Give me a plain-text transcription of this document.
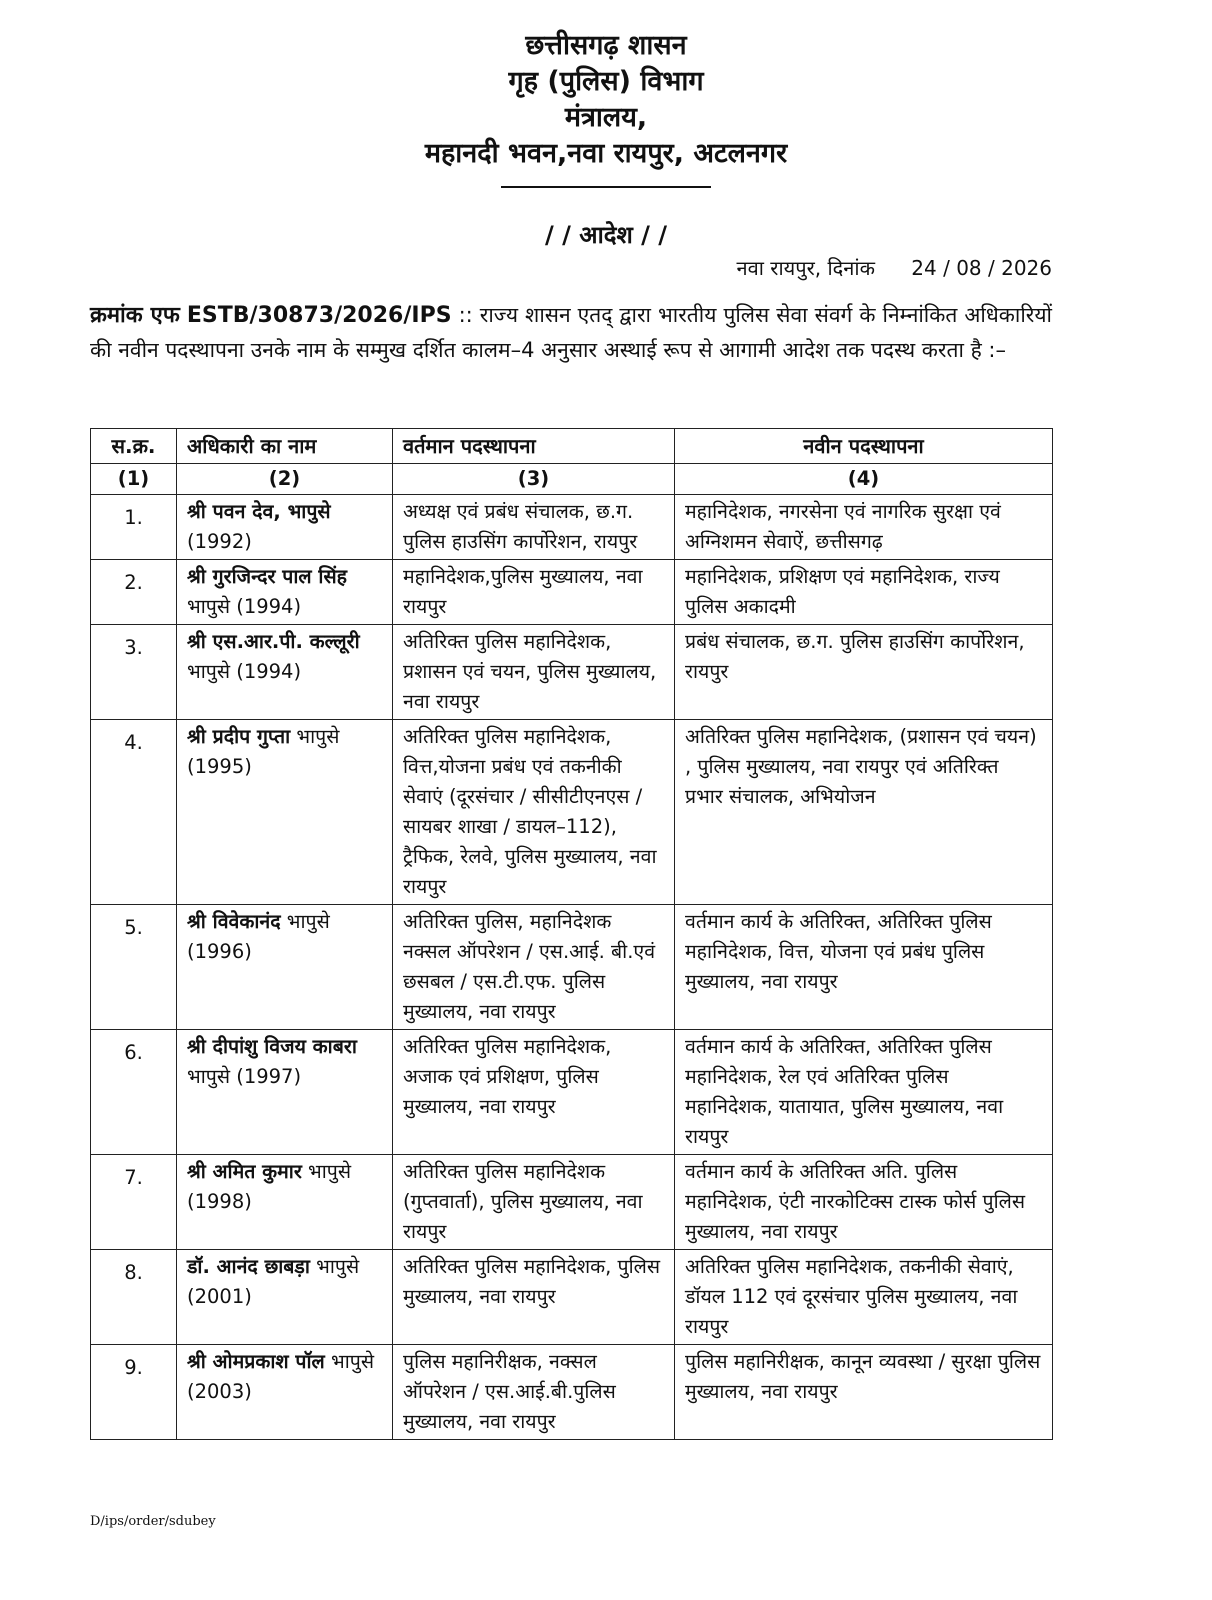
छत्तीसगढ़ शासन
गृह (पुलिस) विभाग
मंत्रालय,
महानदी भवन,नवा रायपुर, अटलनगर
/ / आदेश / /
नवा रायपुर, दिनांक 24 / 08 / 2026
क्रमांक एफ ESTB/30873/2026/IPS :: राज्य शासन एतद् द्वारा भारतीय पुलिस सेवा संवर्ग के निम्नांकित अधिकारियों की नवीन पदस्थापना उनके नाम के सम्मुख दर्शित कालम–4 अनुसार अस्थाई रूप से आगामी आदेश तक पदस्थ करता है :–
स.क्र.	अधिकारी का नाम	वर्तमान पदस्थापना	नवीन पदस्थापना
(1)	(2)	(3)	(4)
1.	श्री पवन देव, भापुसे (1992)	अध्यक्ष एवं प्रबंध संचालक, छ.ग. पुलिस हाउसिंग कार्पोरेशन, रायपुर	महानिदेशक, नगरसेना एवं नागरिक सुरक्षा एवं अग्निशमन सेवाऐं, छत्तीसगढ़
2.	श्री गुरजिन्दर पाल सिंह भापुसे (1994)	महानिदेशक,पुलिस मुख्यालय, नवा रायपुर	महानिदेशक, प्रशिक्षण एवं महानिदेशक, राज्य पुलिस अकादमी
3.	श्री एस.आर.पी. कल्लूरी भापुसे (1994)	अतिरिक्त पुलिस महानिदेशक, प्रशासन एवं चयन, पुलिस मुख्यालय, नवा रायपुर	प्रबंध संचालक, छ.ग. पुलिस हाउसिंग कार्पोरेशन, रायपुर
4.	श्री प्रदीप गुप्ता भापुसे (1995)	अतिरिक्त पुलिस महानिदेशक, वित्त,योजना प्रबंध एवं तकनीकी सेवाएं (दूरसंचार / सीसीटीएनएस / सायबर शाखा / डायल–112), ट्रैफिक, रेलवे, पुलिस मुख्यालय, नवा रायपुर	अतिरिक्त पुलिस महानिदेशक, (प्रशासन एवं चयन) , पुलिस मुख्यालय, नवा रायपुर एवं अतिरिक्त प्रभार संचालक, अभियोजन
5.	श्री विवेकानंद भापुसे (1996)	अतिरिक्त पुलिस, महानिदेशक नक्सल ऑपरेशन / एस.आई. बी.एवं छसबल / एस.टी.एफ. पुलिस मुख्यालय, नवा रायपुर	वर्तमान कार्य के अतिरिक्त, अतिरिक्त पुलिस महानिदेशक, वित्त, योजना एवं प्रबंध पुलिस मुख्यालय, नवा रायपुर
6.	श्री दीपांशु विजय काबरा भापुसे (1997)	अतिरिक्त पुलिस महानिदेशक, अजाक एवं प्रशिक्षण, पुलिस मुख्यालय, नवा रायपुर	वर्तमान कार्य के अतिरिक्त, अतिरिक्त पुलिस महानिदेशक, रेल एवं अतिरिक्त पुलिस महानिदेशक, यातायात, पुलिस मुख्यालय, नवा रायपुर
7.	श्री अमित कुमार भापुसे (1998)	अतिरिक्त पुलिस महानिदेशक (गुप्तवार्ता), पुलिस मुख्यालय, नवा रायपुर	वर्तमान कार्य के अतिरिक्त अति. पुलिस महानिदेशक, एंटी नारकोटिक्स टास्क फोर्स पुलिस मुख्यालय, नवा रायपुर
8.	डॉ. आनंद छाबड़ा भापुसे (2001)	अतिरिक्त पुलिस महानिदेशक, पुलिस मुख्यालय, नवा रायपुर	अतिरिक्त पुलिस महानिदेशक, तकनीकी सेवाएं, डॉयल 112 एवं दूरसंचार पुलिस मुख्यालय, नवा रायपुर
9.	श्री ओमप्रकाश पॉल भापुसे (2003)	पुलिस महानिरीक्षक, नक्सल ऑपरेशन / एस.आई.बी.पुलिस मुख्यालय, नवा रायपुर	पुलिस महानिरीक्षक, कानून व्यवस्था / सुरक्षा पुलिस मुख्यालय, नवा रायपुर
D/ips/order/sdubey
